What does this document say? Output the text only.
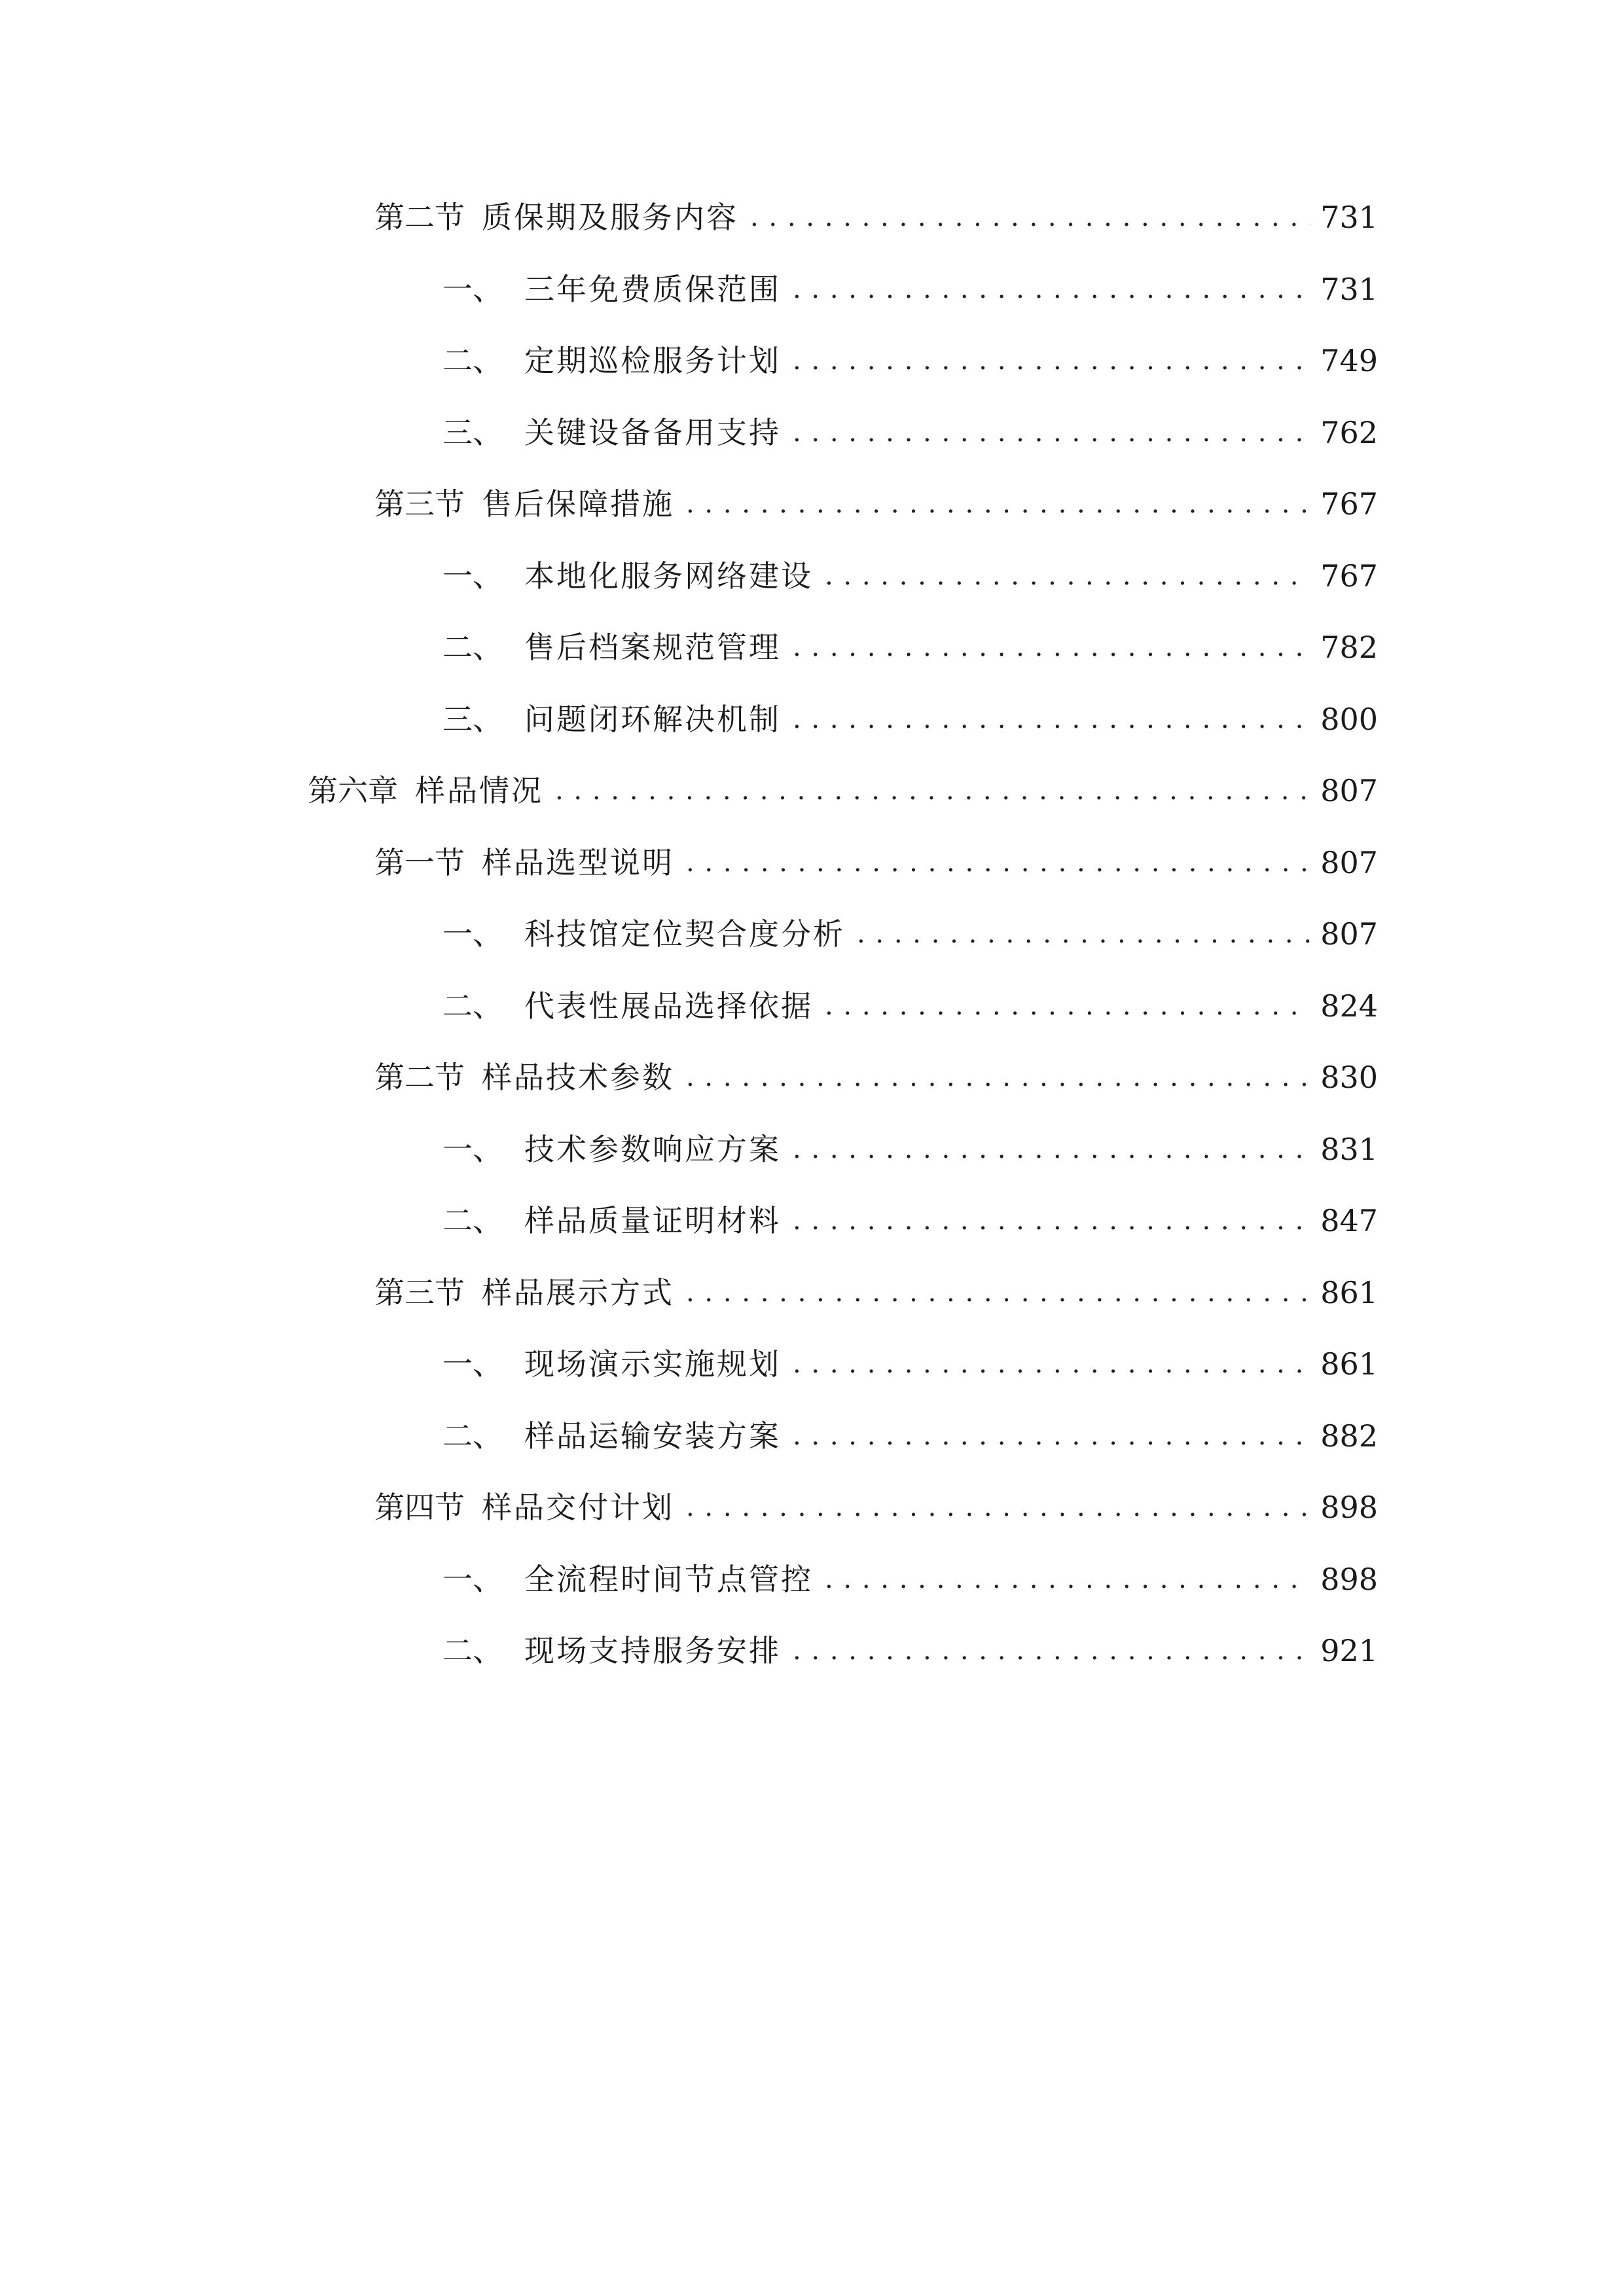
第二节 质保期及服务内容 . . .	731
一、 三年免费质保范围 . . .	731
二、 定期巡检服务计划 . . .	749
三、 关键设备备用支持 . . .	762
第三节 售后保障措施 . . .	767
一、 本地化服务网络建设 . . .	767
二、 售后档案规范管理 . . .	782
三、 问题闭环解决机制 . . .	800
第六章 样品情况 . . .	807
第一节 样品选型说明 . . .	807
一、 科技馆定位契合度分析 . . .	807
二、 代表性展品选择依据 . . .	824
第二节 样品技术参数 . . .	830
一、 技术参数响应方案 . . .	831
二、 样品质量证明材料 . . .	847
第三节 样品展示方式 . . .	861
一、 现场演示实施规划 . . .	861
二、 样品运输安装方案 . . .	882
第四节 样品交付计划 . . .	898
一、 全流程时间节点管控 . . .	898
二、 现场支持服务安排 . . .	921
